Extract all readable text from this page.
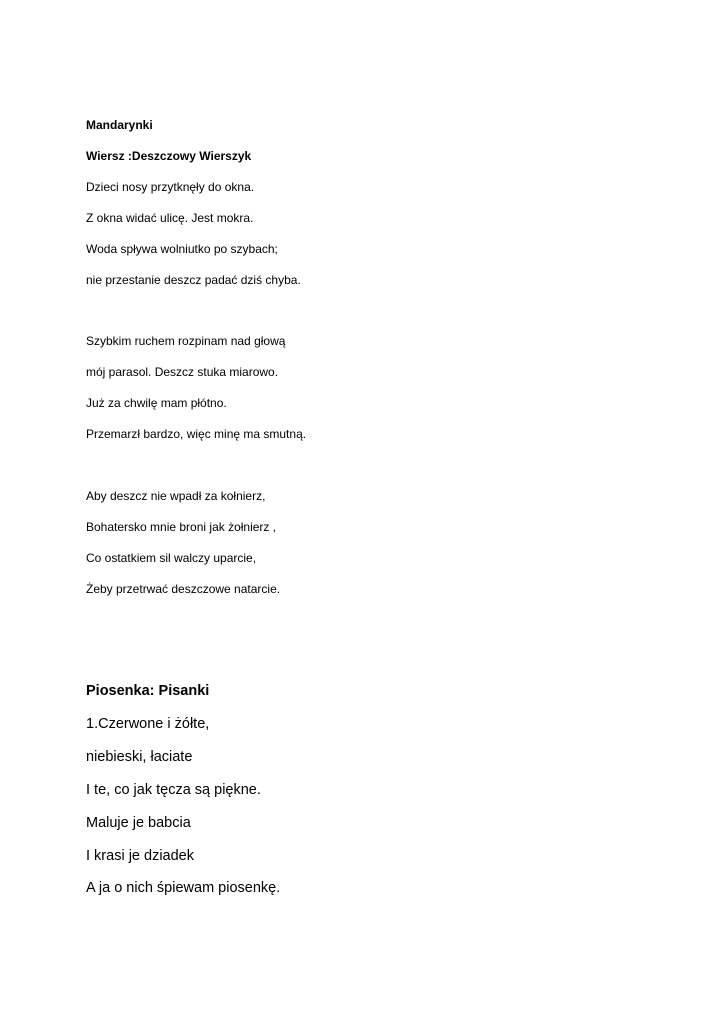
Mandarynki
Wiersz :Deszczowy Wierszyk
Dzieci nosy przytknęły do okna.
Z okna widać ulicę. Jest mokra.
Woda spływa wolniutko po szybach;
nie przestanie deszcz padać dziś chyba.
Szybkim ruchem rozpinam nad głową
mój parasol. Deszcz stuka miarowo.
Już za chwilę mam płótno.
Przemarzł bardzo, więc minę ma smutną.
Aby deszcz nie wpadł za kołnierz,
Bohatersko mnie broni jak żołnierz ,
Co ostatkiem sil walczy uparcie,
Żeby przetrwać deszczowe natarcie.
Piosenka: Pisanki
1.Czerwone i żółte,
niebieski, łaciate
I te, co jak tęcza są piękne.
Maluje je babcia
I krasi je dziadek
A ja o nich śpiewam piosenkę.
